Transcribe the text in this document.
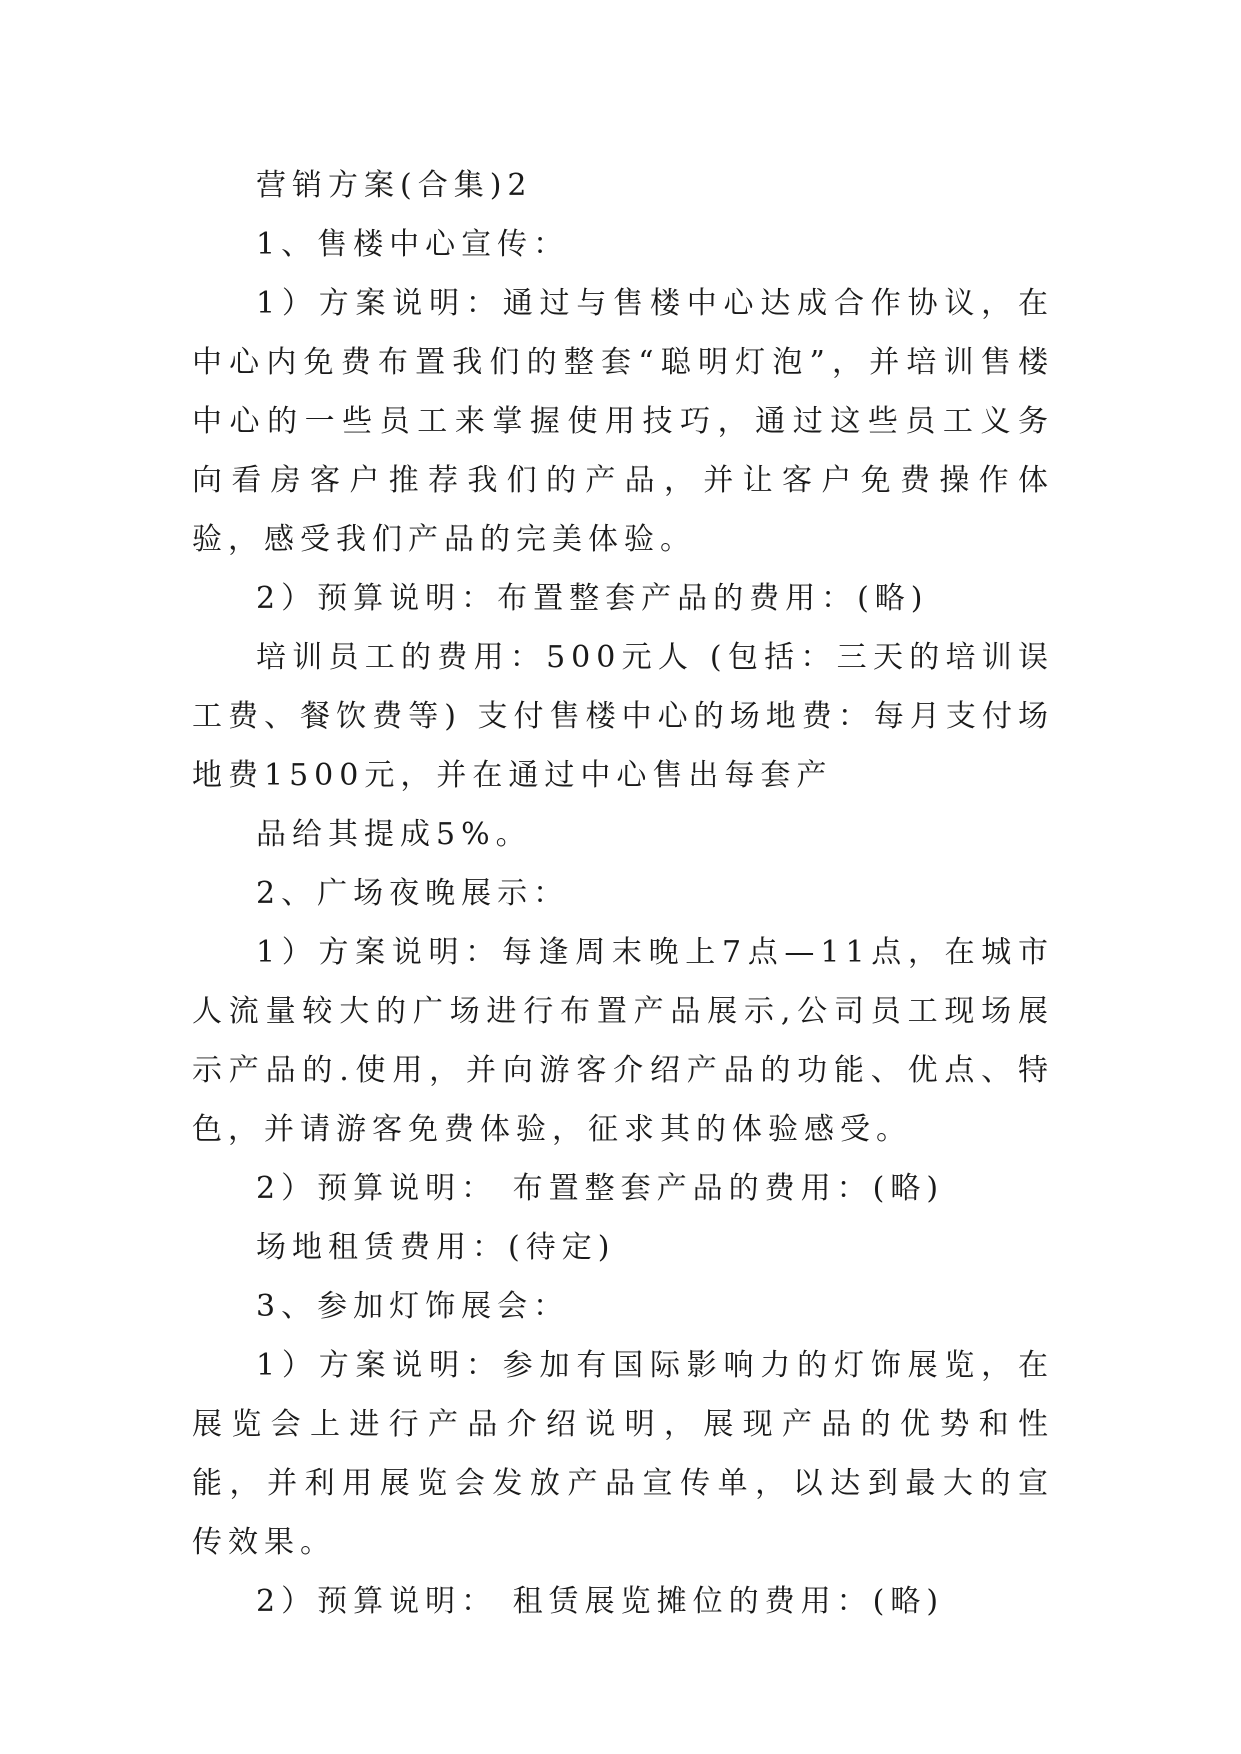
营销方案(合集)2

1、售楼中心宣传：

1）方案说明：通过与售楼中心达成合作协议，在中心内免费布置我们的整套“聪明灯泡”，并培训售楼中心的一些员工来掌握使用技巧，通过这些员工义务向看房客户推荐我们的产品，并让客户免费操作体验，感受我们产品的完美体验。

2）预算说明：布置整套产品的费用：(略)

培训员工的费用：500元人 (包括：三天的培训误工费、餐饮费等) 支付售楼中心的场地费：每月支付场地费1500元，并在通过中心售出每套产

品给其提成5%。

2、广场夜晚展示：

1）方案说明：每逢周末晚上7点—11点，在城市人流量较大的广场进行布置产品展示,公司员工现场展示产品的.使用，并向游客介绍产品的功能、优点、特色，并请游客免费体验，征求其的体验感受。

2）预算说明： 布置整套产品的费用：(略)

场地租赁费用：(待定)

3、参加灯饰展会：

1）方案说明：参加有国际影响力的灯饰展览，在展览会上进行产品介绍说明，展现产品的优势和性能，并利用展览会发放产品宣传单，以达到最大的宣传效果。

2）预算说明： 租赁展览摊位的费用：(略)
